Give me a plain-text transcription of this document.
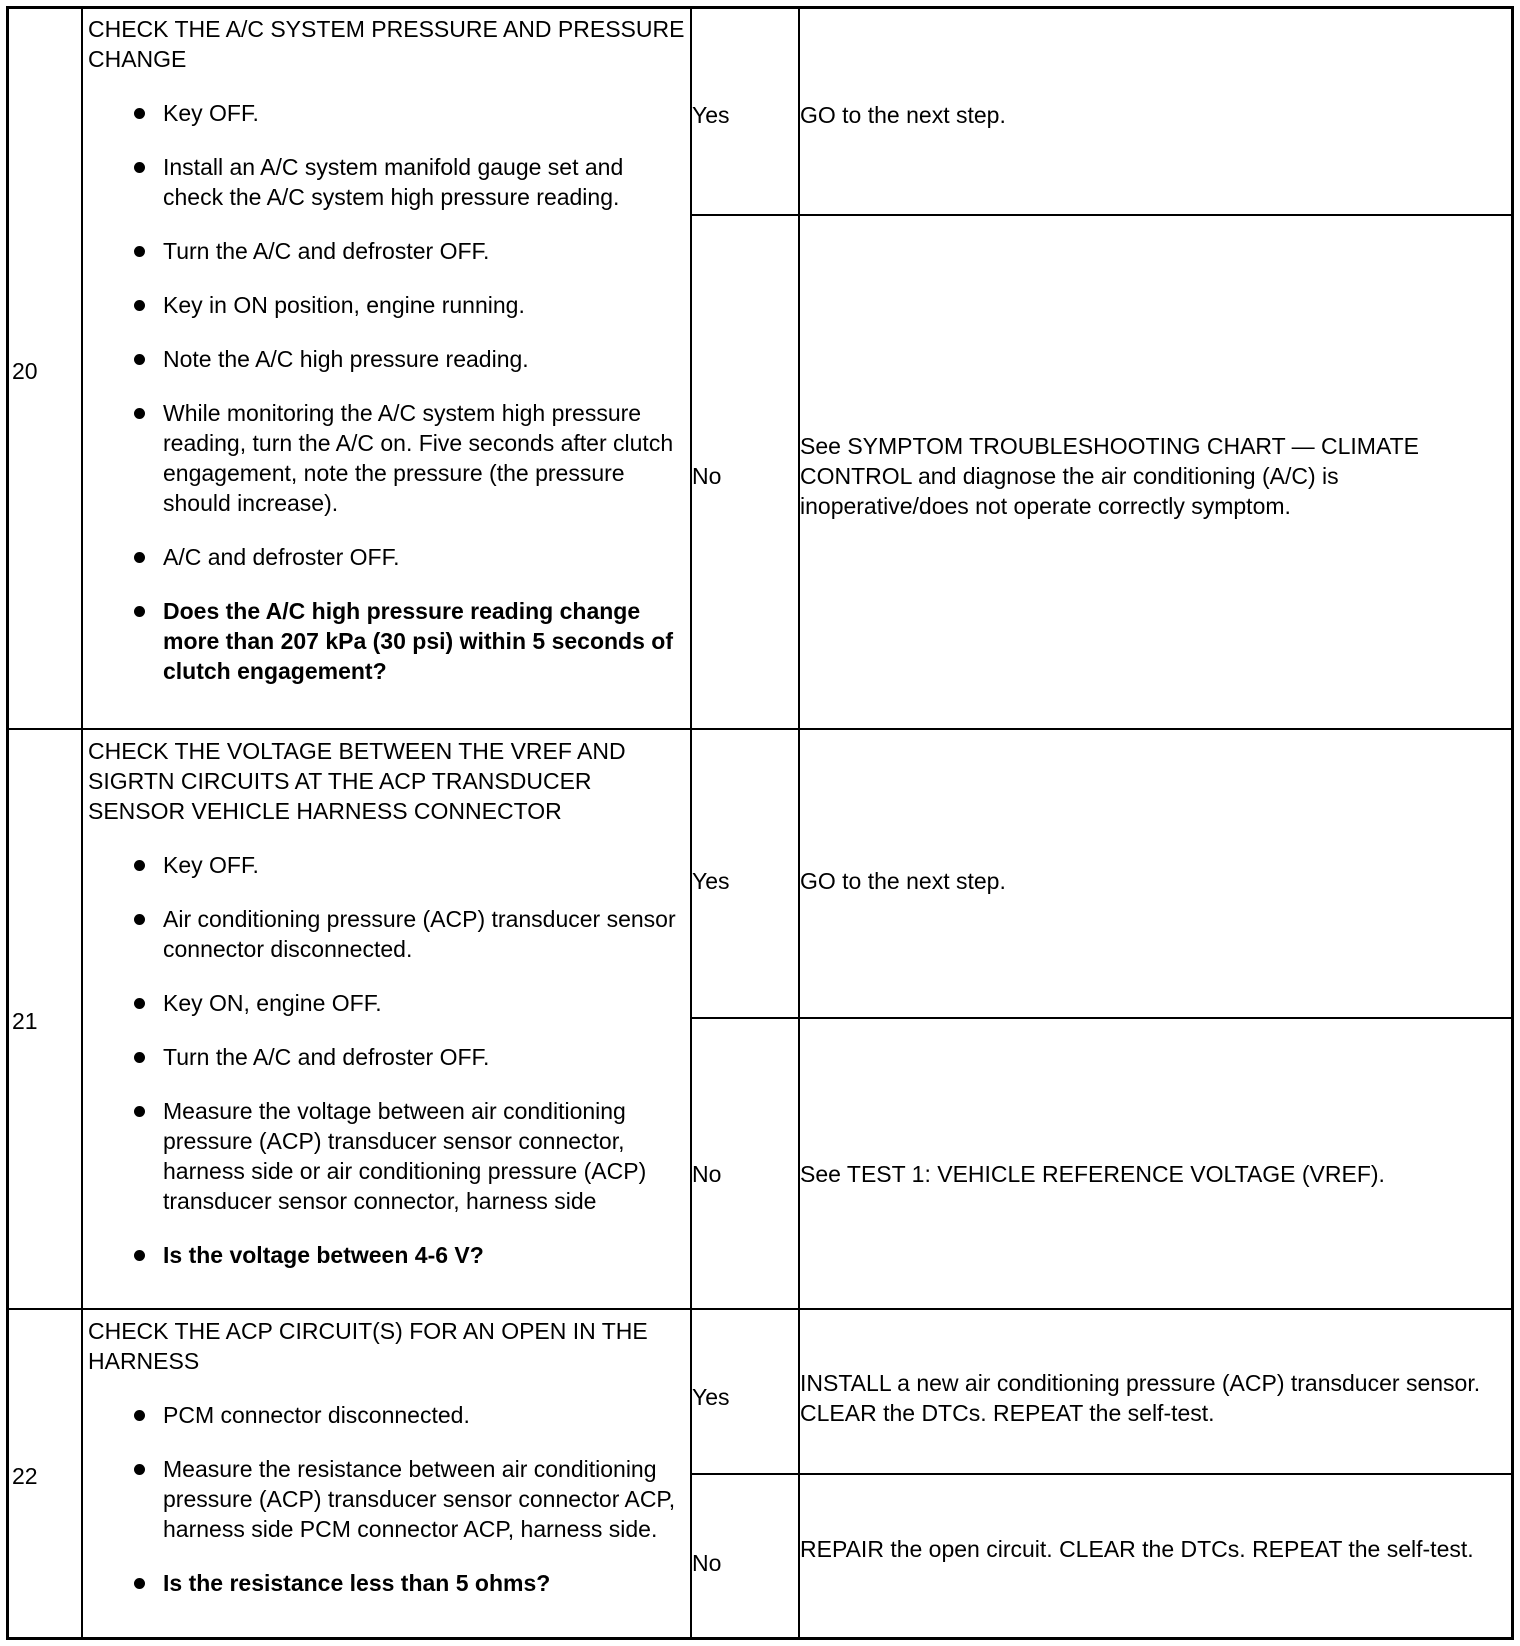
20

CHECK THE A/C SYSTEM PRESSURE AND PRESSURE CHANGE

Key OFF.
Install an A/C system manifold gauge set and check the A/C system high pressure reading.
Turn the A/C and defroster OFF.
Key in ON position, engine running.
Note the A/C high pressure reading.
While monitoring the A/C system high pressure reading, turn the A/C on. Five seconds after clutch engagement, note the pressure (the pressure should increase).
A/C and defroster OFF.
Does the A/C high pressure reading change more than 207 kPa (30 psi) within 5 seconds of clutch engagement?
Yes	GO to the next step.
No
See SYMPTOM TROUBLESHOOTING CHART — CLIMATE CONTROL and diagnose the air conditioning (A/C) is inoperative/does not operate correctly symptom.
21

CHECK THE VOLTAGE BETWEEN THE VREF AND SIGRTN CIRCUITS AT THE ACP TRANSDUCER SENSOR VEHICLE HARNESS CONNECTOR

Key OFF.
Air conditioning pressure (ACP) transducer sensor connector disconnected.
Key ON, engine OFF.
Turn the A/C and defroster OFF.
Measure the voltage between air conditioning pressure (ACP) transducer sensor connector, harness side or air conditioning pressure (ACP) transducer sensor connector, harness side
Is the voltage between 4-6 V?
Yes	GO to the next step.
No	See TEST 1: VEHICLE REFERENCE VOLTAGE (VREF).
22

CHECK THE ACP CIRCUIT(S) FOR AN OPEN IN THE HARNESS

PCM connector disconnected.
Measure the resistance between air conditioning pressure (ACP) transducer sensor connector ACP, harness side PCM connector ACP, harness side.
Is the resistance less than 5 ohms?
Yes
INSTALL a new air conditioning pressure (ACP) transducer sensor. CLEAR the DTCs. REPEAT the self-test.
No
REPAIR the open circuit. CLEAR the DTCs. REPEAT the self-test.
